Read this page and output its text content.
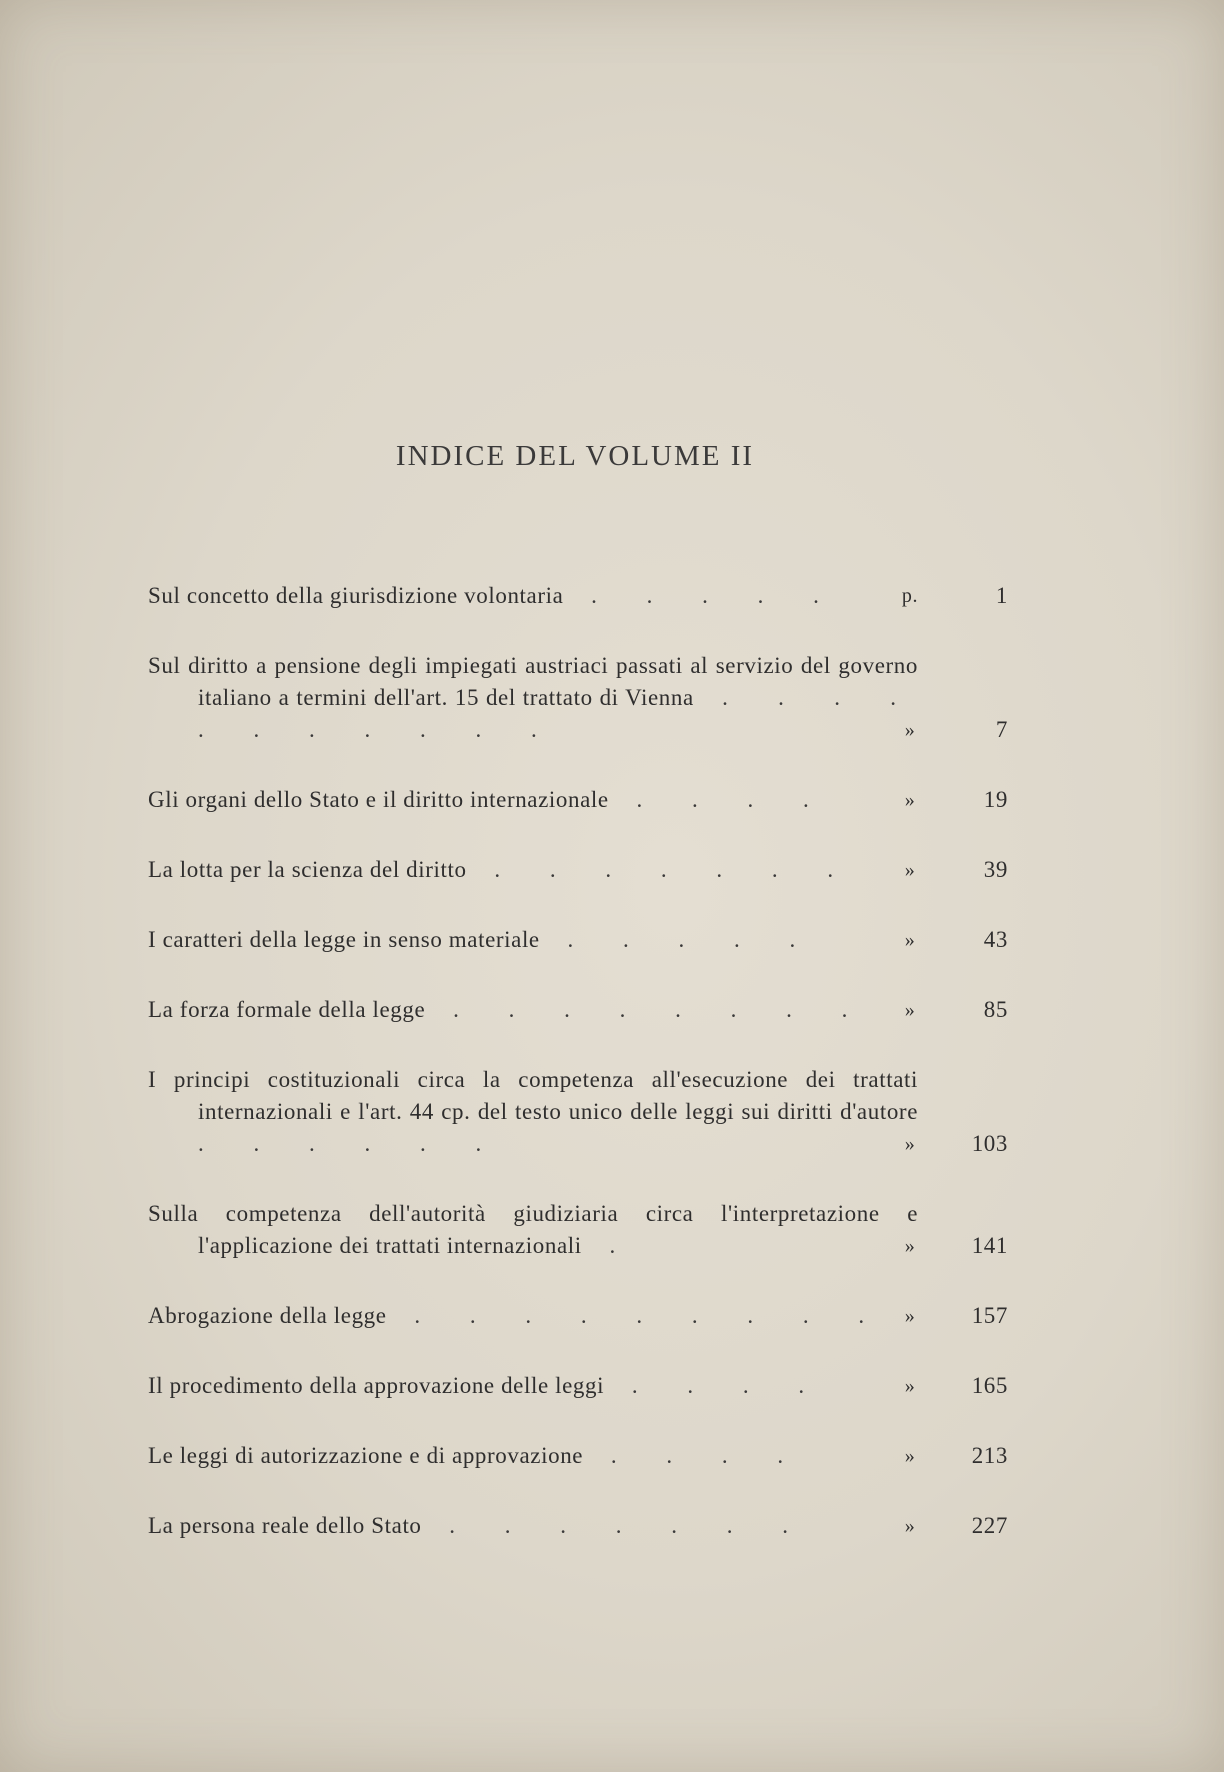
INDICE DEL VOLUME II
Sul concetto della giurisdizione volontaria . . . . .	p.	1
Sul diritto a pensione degli impiegati austriaci passati al servizio del governo italiano a termini dell'art. 15 del trattato di Vienna . . . . . . . . . . .	»	7
Gli organi dello Stato e il diritto internazionale . . . .	»	19
La lotta per la scienza del diritto . . . . . . .	»	39
I caratteri della legge in senso materiale . . . . .	»	43
La forza formale della legge . . . . . . . .	»	85
I principi costituzionali circa la competenza all'esecuzione dei trattati internazionali e l'art. 44 cp. del testo unico delle leggi sui diritti d'autore . . . . . .	»	103
Sulla competenza dell'autorità giudiziaria circa l'interpretazione e l'applicazione dei trattati internazionali .	»	141
Abrogazione della legge . . . . . . . . . »	157
Il procedimento della approvazione delle leggi . . . .	»	165
Le leggi di autorizzazione e di approvazione . . . .	»	213
La persona reale dello Stato . . . . . . .	»	227
